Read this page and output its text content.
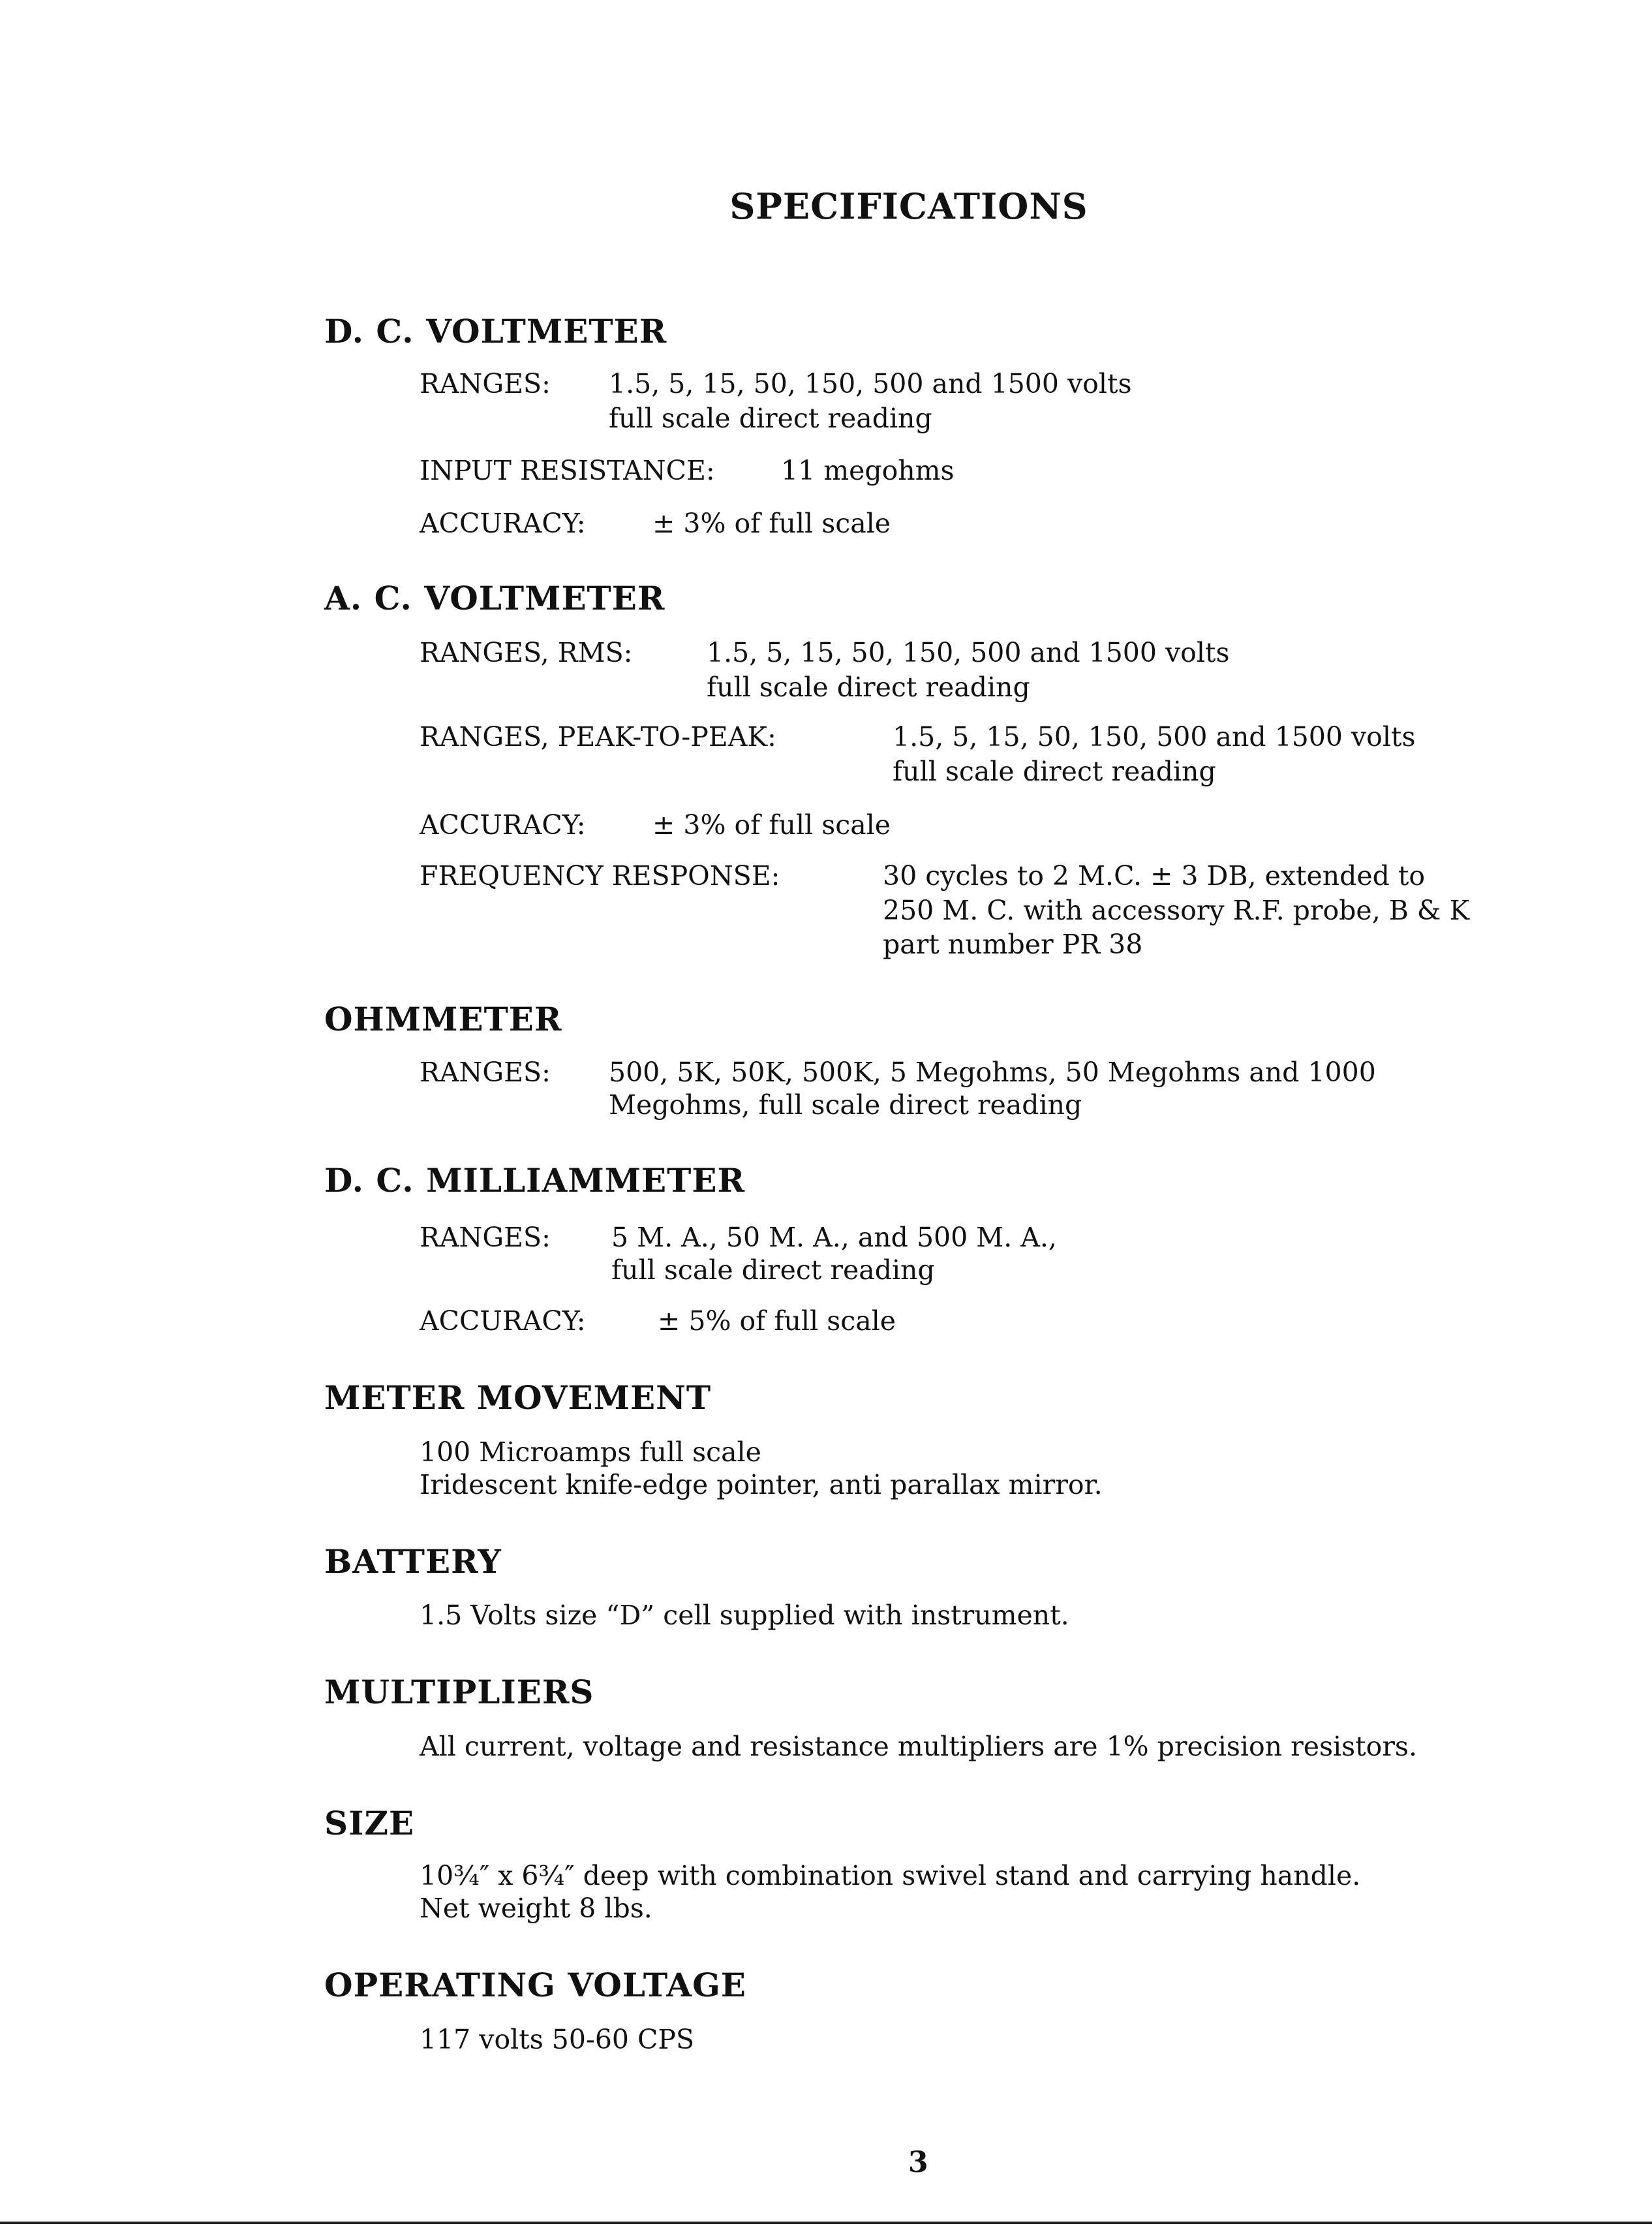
SPECIFICATIONS
D. C. VOLTMETER
RANGES: 1.5, 5, 15, 50, 150, 500 and 1500 volts
full scale direct reading
INPUT RESISTANCE: 11 megohms
ACCURACY: ± 3% of full scale
A. C. VOLTMETER
RANGES, RMS:	1.5, 5, 15, 50, 150, 500 and 1500 volts
full scale direct reading
RANGES, PEAK-TO-PEAK:	1.5, 5, 15, 50, 150, 500 and 1500 volts
full scale direct reading
ACCURACY: ± 3% of full scale
FREQUENCY RESPONSE:	30 cycles to 2 M.C. ± 3 DB, extended to
250 M. C. with accessory R.F. probe, B & K
part number PR 38
OHMMETER
RANGES: 500, 5K, 50K, 500K, 5 Megohms, 50 Megohms and 1000
Megohms, full scale direct reading
D. C. MILLIAMMETER
RANGES: 5 M. A., 50 M. A., and 500 M. A.,
full scale direct reading
ACCURACY:	± 5% of full scale
METER MOVEMENT
100 Microamps full scale
Iridescent knife-edge pointer, anti parallax mirror.
BATTERY
1.5 Volts size “D” cell supplied with instrument.
MULTIPLIERS
All current, voltage and resistance multipliers are 1% precision resistors.
SIZE
10¾″ x 6¾″ deep with combination swivel stand and carrying handle.
Net weight 8 lbs.
OPERATING VOLTAGE
117 volts 50-60 CPS
3
